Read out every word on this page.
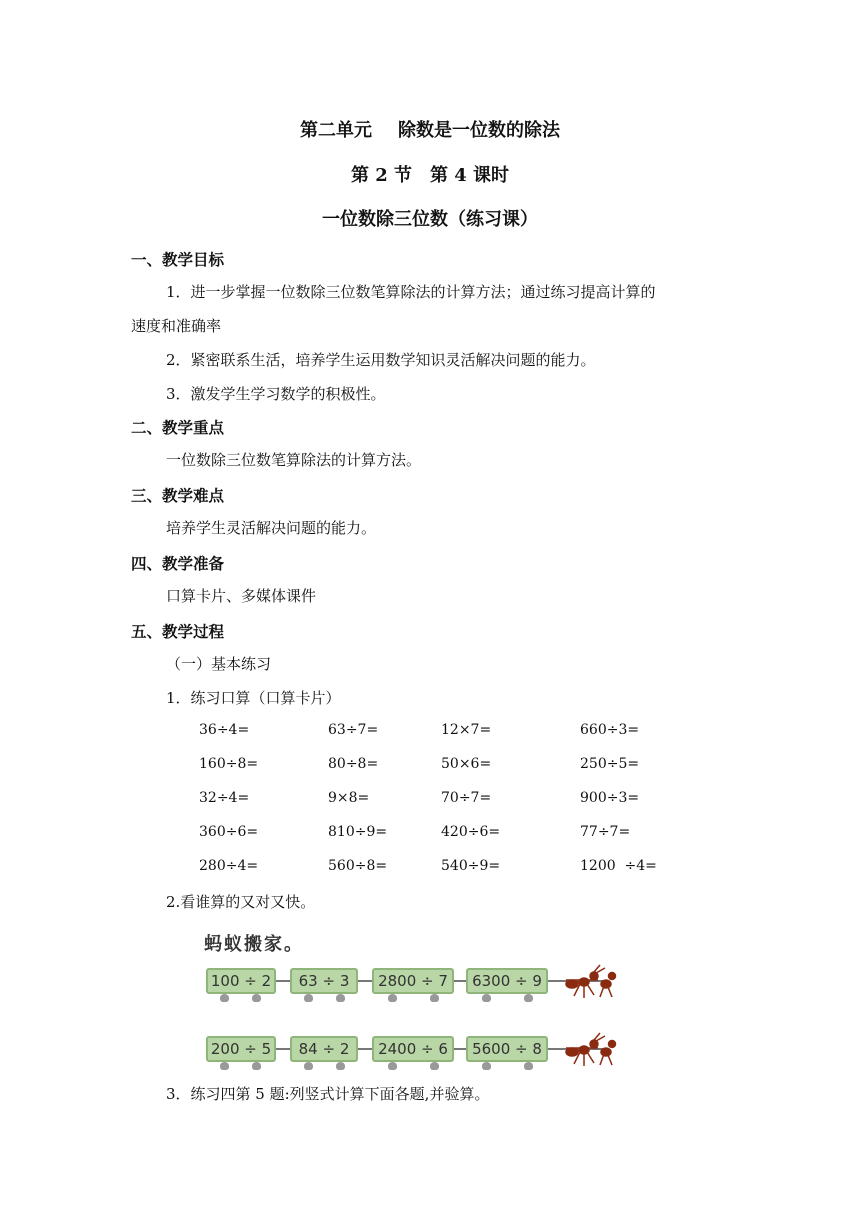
第二单元 除数是一位数的除法
第 2 节　第 4 课时
一位数除三位数（练习课）
一、教学目标
1．进一步掌握一位数除三位数笔算除法的计算方法；通过练习提高计算的
速度和准确率
2．紧密联系生活，培养学生运用数学知识灵活解决问题的能力。
3．激发学生学习数学的积极性。
二、教学重点
一位数除三位数笔算除法的计算方法。
三、教学难点
培养学生灵活解决问题的能力。
四、教学准备
口算卡片、多媒体课件
五、教学过程
（一）基本练习
1．练习口算（口算卡片）
36÷4=	63÷7=	12×7=	660÷3=
160÷8=	80÷8=	50×6=	250÷5=
32÷4=	9×8=	70÷7=	900÷3=
360÷6=	810÷9=	420÷6=	77÷7=
280÷4=	560÷8=	540÷9=	1200  ÷4=
2.看谁算的又对又快。
蚂蚁搬家。
100 ÷ 2	63 ÷ 3	2800 ÷ 7	6300 ÷ 9
200 ÷ 5	84 ÷ 2	2400 ÷ 6	5600 ÷ 8
3．练习四第 5 题:列竖式计算下面各题,并验算。
